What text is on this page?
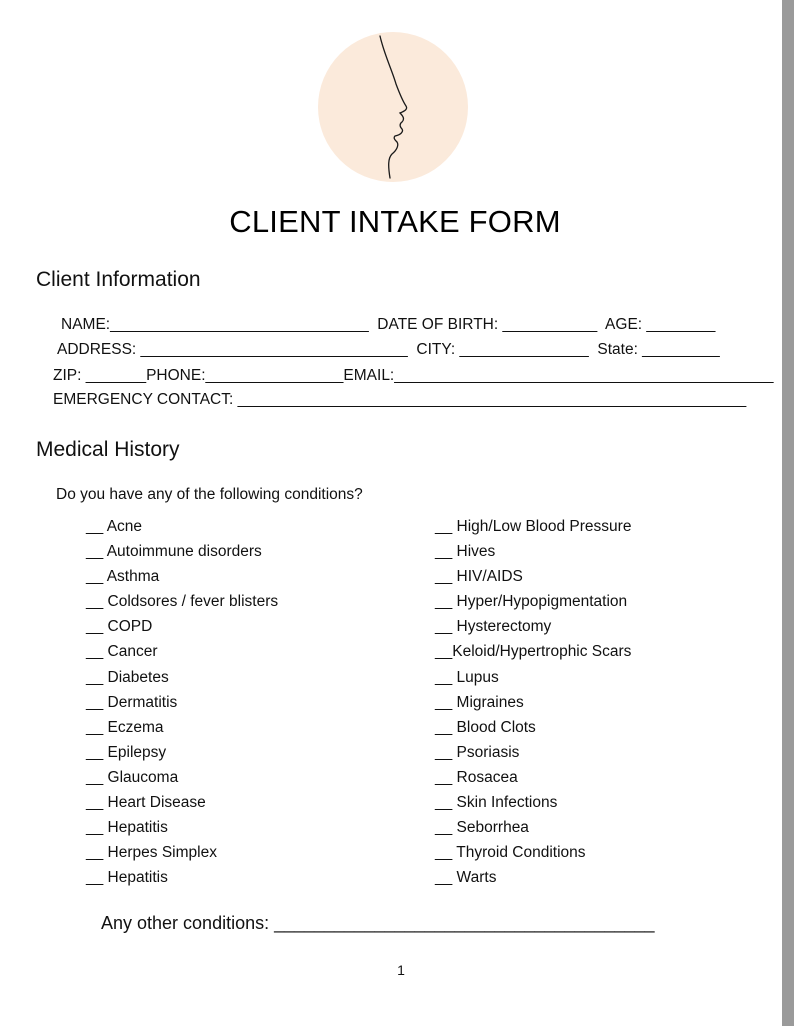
CLIENT INTAKE FORM
Client Information
NAME:______________________________  DATE OF BIRTH: ___________  AGE: ________
ADDRESS: _______________________________  CITY: _______________  State: _________
ZIP: _______PHONE:________________EMAIL:____________________________________________
EMERGENCY CONTACT: ___________________________________________________________
Medical History
Do you have any of the following conditions?
__ Acne
__ Autoimmune disorders
__ Asthma
__ Coldsores / fever blisters
__ COPD
__ Cancer
__ Diabetes
__ Dermatitis
__ Eczema
__ Epilepsy
__ Glaucoma
__ Heart Disease
__ Hepatitis
__ Herpes Simplex
__ Hepatitis
__ High/Low Blood Pressure
__ Hives
__ HIV/AIDS
__ Hyper/Hypopigmentation
__ Hysterectomy
__Keloid/Hypertrophic Scars
__ Lupus
__ Migraines
__ Blood Clots
__ Psoriasis
__ Rosacea
__ Skin Infections
__ Seborrhea
__ Thyroid Conditions
__ Warts
Any other conditions: ______________________________________
1
